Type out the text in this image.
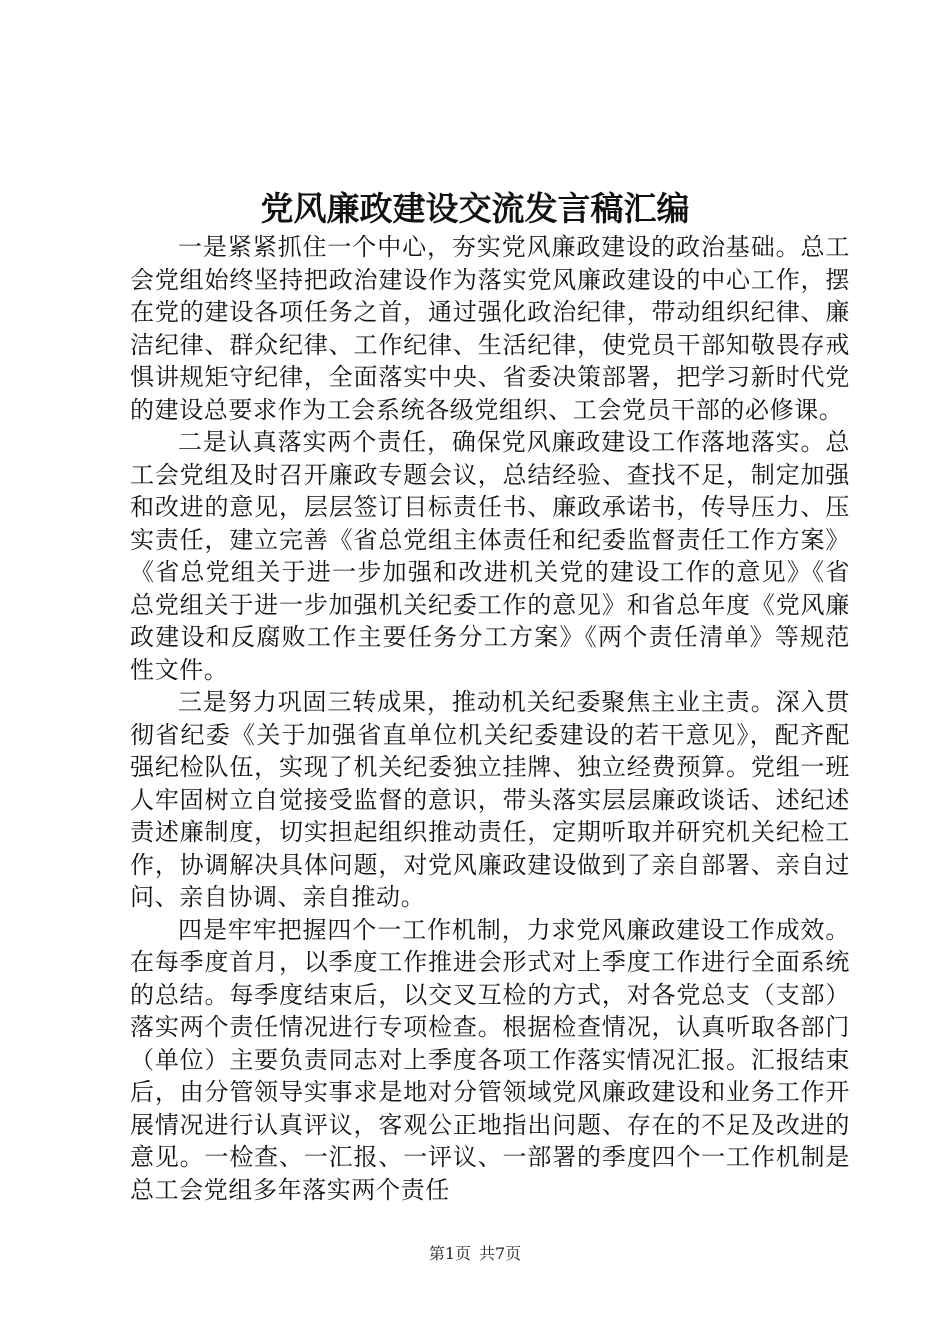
党风廉政建设交流发言稿汇编

一是紧紧抓住一个中心，夯实党风廉政建设的政治基础。总工会党组始终坚持把政治建设作为落实党风廉政建设的中心工作，摆在党的建设各项任务之首，通过强化政治纪律，带动组织纪律、廉洁纪律、群众纪律、工作纪律、生活纪律，使党员干部知敬畏存戒惧讲规矩守纪律，全面落实中央、省委决策部署，把学习新时代党的建设总要求作为工会系统各级党组织、工会党员干部的必修课。

二是认真落实两个责任，确保党风廉政建设工作落地落实。总工会党组及时召开廉政专题会议，总结经验、查找不足，制定加强和改进的意见，层层签订目标责任书、廉政承诺书，传导压力、压实责任，建立完善《省总党组主体责任和纪委监督责任工作方案》《省总党组关于进一步加强和改进机关党的建设工作的意见》《省总党组关于进一步加强机关纪委工作的意见》和省总年度《党风廉政建设和反腐败工作主要任务分工方案》《两个责任清单》等规范性文件。

三是努力巩固三转成果，推动机关纪委聚焦主业主责。深入贯彻省纪委《关于加强省直单位机关纪委建设的若干意见》，配齐配强纪检队伍，实现了机关纪委独立挂牌、独立经费预算。党组一班人牢固树立自觉接受监督的意识，带头落实层层廉政谈话、述纪述责述廉制度，切实担起组织推动责任，定期听取并研究机关纪检工作，协调解决具体问题，对党风廉政建设做到了亲自部署、亲自过问、亲自协调、亲自推动。

四是牢牢把握四个一工作机制，力求党风廉政建设工作成效。在每季度首月，以季度工作推进会形式对上季度工作进行全面系统的总结。每季度结束后，以交叉互检的方式，对各党总支（支部）落实两个责任情况进行专项检查。根据检查情况，认真听取各部门（单位）主要负责同志对上季度各项工作落实情况汇报。汇报结束后，由分管领导实事求是地对分管领域党风廉政建设和业务工作开展情况进行认真评议，客观公正地指出问题、存在的不足及改进的意见。一检查、一汇报、一评议、一部署的季度四个一工作机制是总工会党组多年落实两个责任

第1页 共7页
